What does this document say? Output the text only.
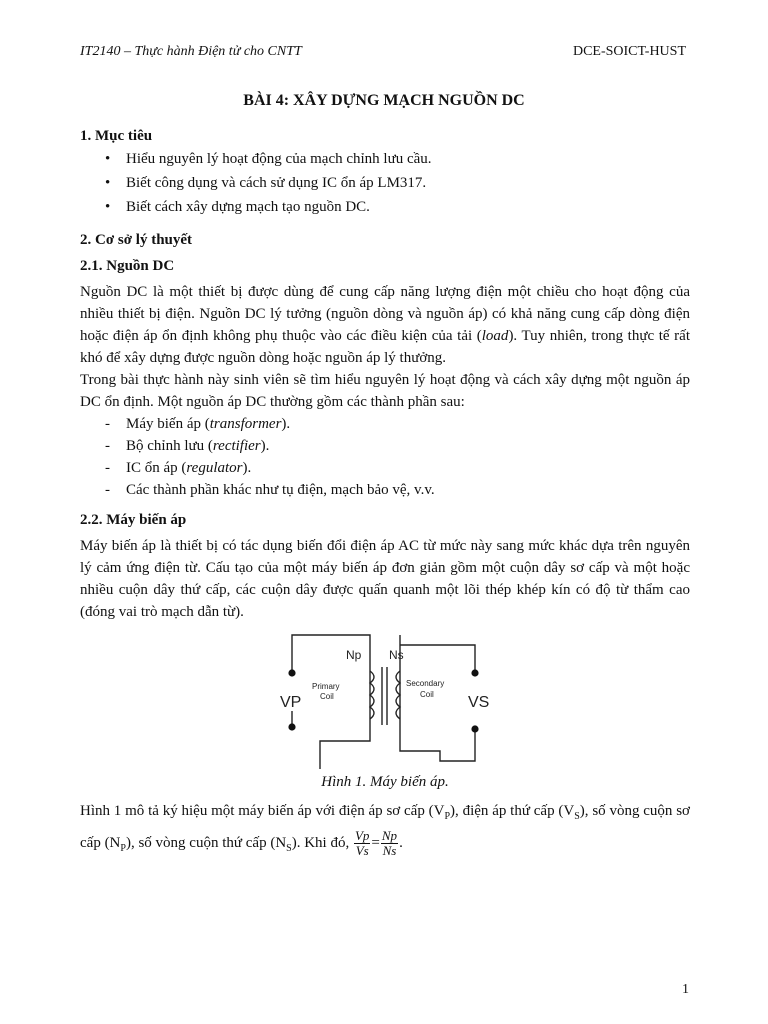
IT2140 – Thực hành Điện tử cho CNTT	DCE-SOICT-HUST
BÀI 4: XÂY DỰNG MẠCH NGUỒN DC
1. Mục tiêu
• Hiểu nguyên lý hoạt động của mạch chỉnh lưu cầu.
• Biết công dụng và cách sử dụng IC ổn áp LM317.
• Biết cách xây dựng mạch tạo nguồn DC.
2. Cơ sở lý thuyết
2.1. Nguồn DC

Nguồn DC là một thiết bị được dùng để cung cấp năng lượng điện một chiều cho hoạt động của nhiều thiết bị điện. Nguồn DC lý tưởng (nguồn dòng và nguồn áp) có khả năng cung cấp dòng điện hoặc điện áp ổn định không phụ thuộc vào các điều kiện của tải (load). Tuy nhiên, trong thực tế rất khó để xây dựng được nguồn dòng hoặc nguồn áp lý thưởng.

Trong bài thực hành này sinh viên sẽ tìm hiểu nguyên lý hoạt động và cách xây dựng một nguồn áp DC ổn định. Một nguồn áp DC thường gồm các thành phần sau:

- Máy biến áp (transformer).
- Bộ chỉnh lưu (rectifier).
- IC ổn áp (regulator).
- Các thành phần khác như tụ điện, mạch bảo vệ, v.v.
2.2. Máy biến áp

Máy biến áp là thiết bị có tác dụng biến đổi điện áp AC từ mức này sang mức khác dựa trên nguyên lý cảm ứng điện từ. Cấu tạo của một máy biến áp đơn giản gồm một cuộn dây sơ cấp và một hoặc nhiều cuộn dây thứ cấp, các cuộn dây được quấn quanh một lõi thép khép kín có độ từ thẩm cao (đóng vai trò mạch dẫn từ).

Np Ns
Primary
Coil
Secondary
Coil
VP	VS
Hình 1. Máy biến áp.

Hình 1 mô tả ký hiệu một máy biến áp với điện áp sơ cấp $(V_P)$, điện áp thứ cấp $(V_S)$, số vòng cuộn sơ cấp $(N_P)$, số vòng cuộn thứ cấp $(N_S)$. Khi đó, $\frac{Vp}{Vs} = \frac{Np}{Ns}$ .

1
